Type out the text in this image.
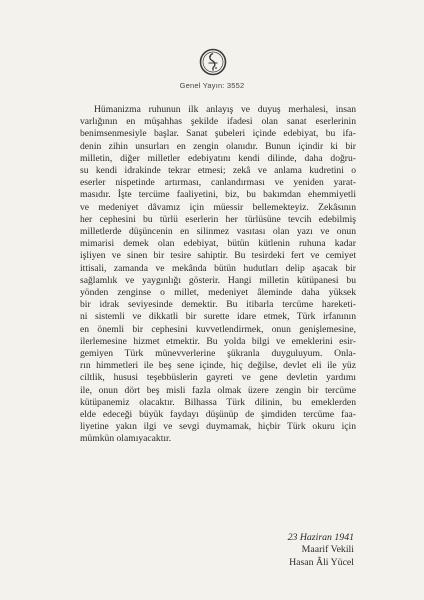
Genel Yayın: 3552
Hümanizma ruhunun ilk anlayış ve duyuş merhalesi, insan
varlığının en müşahhas şekilde ifadesi olan sanat eserlerinin
benimsenmesiyle başlar. Sanat şubeleri içinde edebiyat, bu ifa-
denin zihin unsurları en zengin olanıdır. Bunun içindir ki bir
milletin, diğer milletler edebiyatını kendi dilinde, daha doğru-
su kendi idrakinde tekrar etmesi; zekâ ve anlama kudretini o
eserler nispetinde artırması, canlandırması ve yeniden yarat-
masıdır. İşte tercüme faaliyetini, biz, bu bakımdan ehemmiyetli
ve medeniyet dâvamız için müessir bellemekteyiz. Zekâsının
her cephesini bu türlü eserlerin her türlüsüne tevcih edebilmiş
milletlerde düşüncenin en silinmez vasıtası olan yazı ve onun
mimarisi demek olan edebiyat, bütün kütlenin ruhuna kadar
işliyen ve sinen bir tesire sahiptir. Bu tesirdeki fert ve cemiyet
ittisali, zamanda ve mekânda bütün hudutları delip aşacak bir
sağlamlık ve yaygınlığı gösterir. Hangi milletin kütüpanesi bu
yönden zenginse o millet, medeniyet âleminde daha yüksek
bir idrak seviyesinde demektir. Bu itibarla tercüme hareketi-
ni sistemli ve dikkatli bir surette idare etmek, Türk irfanının
en önemli bir cephesini kuvvetlendirmek, onun genişlemesine,
ilerlemesine hizmet etmektir. Bu yolda bilgi ve emeklerini esir-
gemiyen Türk münevverlerine şükranla duyguluyum. Onla-
rın himmetleri ile beş sene içinde, hiç değilse, devlet eli ile yüz
ciltlik, hususi teşebbüslerin gayreti ve gene devletin yardımı
ile, onun dört beş misli fazla olmak üzere zengin bir tercüme
kütüpanemiz olacaktır. Bilhassa Türk dilinin, bu emeklerden
elde edeceği büyük faydayı düşünüp de şimdiden tercüme faa-
liyetine yakın ilgi ve sevgi duymamak, hiçbir Türk okuru için
mümkün olamıyacaktır.
23 Haziran 1941
Maarif Vekili
Hasan Âli Yücel
